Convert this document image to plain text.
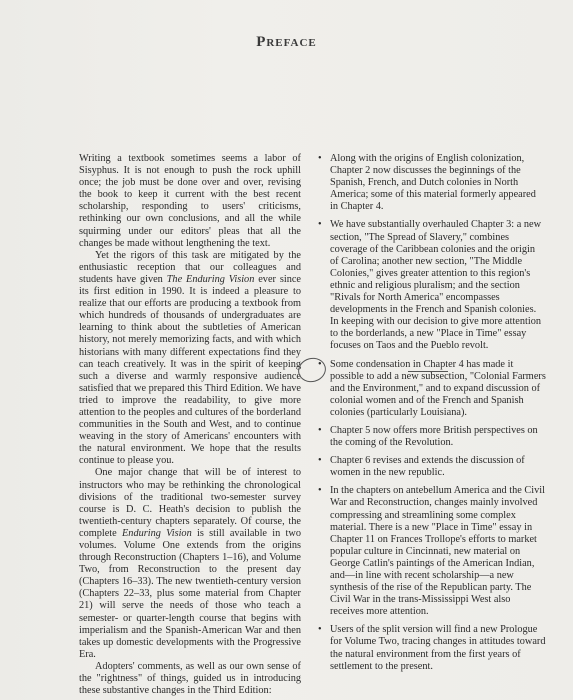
Preface

Writing a textbook sometimes seems a labor of Sisyphus. It is not enough to push the rock uphill once; the job must be done over and over, revising the book to keep it current with the best recent scholarship, responding to users' criticisms, rethinking our own conclusions, and all the while squirming under our editors' pleas that all the changes be made without lengthening the text.

Yet the rigors of this task are mitigated by the enthusiastic reception that our colleagues and students have given The Enduring Vision ever since its first edition in 1990. It is indeed a pleasure to realize that our efforts are producing a textbook from which hundreds of thousands of undergraduates are learning to think about the subtleties of American history, not merely memorizing facts, and with which historians with many different expectations find they can teach creatively. It was in the spirit of keeping such a diverse and warmly responsive audience satisfied that we prepared this Third Edition. We have tried to improve the readability, to give more attention to the peoples and cultures of the borderland communities in the South and West, and to continue weaving in the story of Americans' encounters with the natural environment. We hope that the results continue to please you.

One major change that will be of interest to instructors who may be rethinking the chronological divisions of the traditional two-semester survey course is D. C. Heath's decision to publish the twentieth-century chapters separately. Of course, the complete Enduring Vision is still available in two volumes. Volume One extends from the origins through Reconstruction (Chapters 1–16), and Volume Two, from Reconstruction to the present day (Chapters 16–33). The new twentieth-century version (Chapters 22–33, plus some material from Chapter 21) will serve the needs of those who teach a semester- or quarter-length course that begins with imperialism and the Spanish-American War and then takes up domestic developments with the Progressive Era.

Adopters' comments, as well as our own sense of the "rightness" of things, guided us in introducing these substantive changes in the Third Edition:

• Along with the origins of English colonization, Chapter 2 now discusses the beginnings of the Spanish, French, and Dutch colonies in North America; some of this material formerly appeared in Chapter 4.
• We have substantially overhauled Chapter 3: a new section, "The Spread of Slavery," combines coverage of the Caribbean colonies and the origin of Carolina; another new section, "The Middle Colonies," gives greater attention to this region's ethnic and religious pluralism; and the section "Rivals for North America" encompasses developments in the French and Spanish colonies. In keeping with our decision to give more attention to the borderlands, a new "Place in Time" essay focuses on Taos and the Pueblo revolt.
• Some condensation in Chapter 4 has made it possible to add a new subsection, "Colonial Farmers and the Environment," and to expand discussion of colonial women and of the French and Spanish colonies (particularly Louisiana).
• Chapter 5 now offers more British perspectives on the coming of the Revolution.
• Chapter 6 revises and extends the discussion of women in the new republic.
• In the chapters on antebellum America and the Civil War and Reconstruction, changes mainly involved compressing and streamlining some complex material. There is a new "Place in Time" essay in Chapter 11 on Frances Trollope's efforts to market popular culture in Cincinnati, new material on George Catlin's paintings of the American Indian, and—in line with recent scholarship—a new synthesis of the rise of the Republican party. The Civil War in the trans-Mississippi West also receives more attention.
• Users of the split version will find a new Prologue for Volume Two, tracing changes in attitudes toward the natural environment from the first years of settlement to the present.
